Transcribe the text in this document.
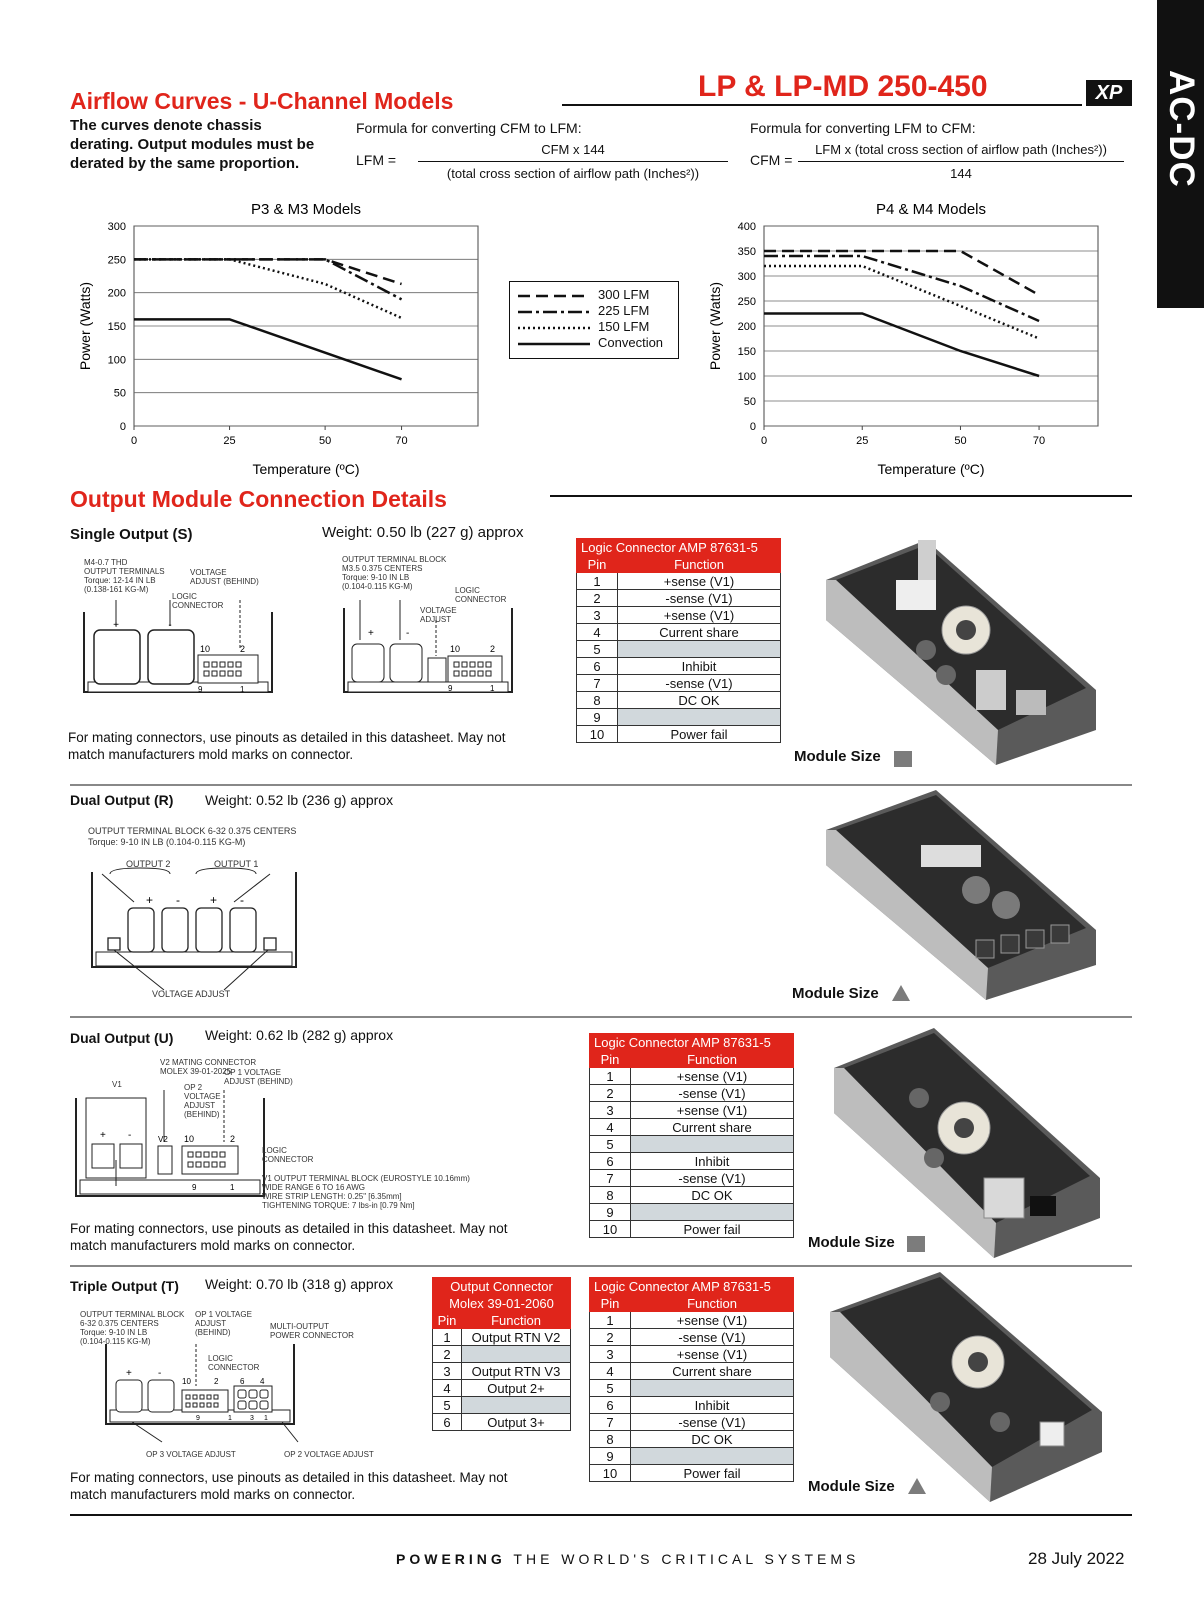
AC-DC
Airflow Curves - U-Channel Models	LP & LP-MD 250-450	XP
The curves denote chassis
derating. Output modules must be
derated by the same proportion.
Formula for converting CFM to LFM:
LFM =
CFM x 144
(total cross section of airflow path (Inches²))
Formula for converting LFM to CFM:
CFM =
LFM x (total cross section of airflow path (Inches²))
144
0
50
100
150
200
250
300
0	25	50	70
P3 & M3 Models
Temperature (ºC)
Power (Watts)
0
50
100
150
200
250
300
350
400
0	25	50	70
P4 & M4 Models
Temperature (ºC)
Power (Watts)
300 LFM
225 LFM
150 LFM
Convection
Output Module Connection Details
Single Output (S)	Weight: 0.50 lb (227 g) approx
M4-0.7 THD
OUTPUT TERMINALS
Torque: 12-14 IN LB
(0.138-161 KG-M)
VOLTAGE
ADJUST (BEHIND)
LOGIC
CONNECTOR
+	-
10	2
9	1
OUTPUT TERMINAL BLOCK
M3.5 0.375 CENTERS
Torque: 9-10 IN LB
(0.104-0.115 KG-M)	LOGIC
CONNECTOR
VOLTAGE
ADJUST
+	-
10	2
9	1
For mating connectors, use pinouts as detailed in this datasheet. May not
match manufacturers mold marks on connector.
Logic Connector AMP 87631-5	
Pin	Function
1	+sense (V1)
2	-sense (V1)
3	+sense (V1)
4	Current share
5	
6	Inhibit
7	-sense (V1)
8	DC OK
9	
10	Power fail
Module Size
Dual Output (R) Weight: 0.52 lb (236 g) approx
OUTPUT TERMINAL BLOCK 6-32 0.375 CENTERS
Torque: 9-10 IN LB (0.104-0.115 KG-M)
+ -	+ -
OUTPUT 2	OUTPUT 1
VOLTAGE ADJUST	Module Size
Dual Output (U) Weight: 0.62 lb (282 g) approx
V2 MATING CONNECTOR
MOLEX 39-01-2025
OP 1 VOLTAGE
ADJUST (BEHIND)
V1	OP 2
VOLTAGE
ADJUST
(BEHIND)
+ -	V2 10	2
9	1
LOGIC
CONNECTOR
V1 OUTPUT TERMINAL BLOCK (EUROSTYLE 10.16mm)
WIDE RANGE 6 TO 16 AWG
WIRE STRIP LENGTH: 0.25" [6.35mm]
TIGHTENING TORQUE: 7 lbs-in [0.79 Nm]
For mating connectors, use pinouts as detailed in this datasheet. May not
match manufacturers mold marks on connector.
Logic Connector AMP 87631-5	
Pin	Function
1	+sense (V1)
2	-sense (V1)
3	+sense (V1)
4	Current share
5	
6	Inhibit
7	-sense (V1)
8	DC OK
9	
10	Power fail
Module Size
Triple Output (T) Weight: 0.70 lb (318 g) approx
OUTPUT TERMINAL BLOCK
6-32 0.375 CENTERS
Torque: 9-10 IN LB
(0.104-0.115 KG-M)
OP 1 VOLTAGE
ADJUST
(BEHIND)
MULTI-OUTPUT
POWER CONNECTOR
LOGIC
CONNECTOR
+	-
10	2	6 4
9	1	3 1
OP 3 VOLTAGE ADJUST	OP 2 VOLTAGE ADJUST
For mating connectors, use pinouts as detailed in this datasheet. May not
match manufacturers mold marks on connector.
Output Connector	
Molex 39-01-2060	
Pin	Function
1	Output RTN V2
2	
3	Output RTN V3
4	Output 2+
5	
6	Output 3+
Logic Connector AMP 87631-5	
Pin	Function
1	+sense (V1)
2	-sense (V1)
3	+sense (V1)
4	Current share
5	
6	Inhibit
7	-sense (V1)
8	DC OK
9	
10	Power fail
Module Size
POWERING THE WORLD'S CRITICAL SYSTEMS	28 July 2022
